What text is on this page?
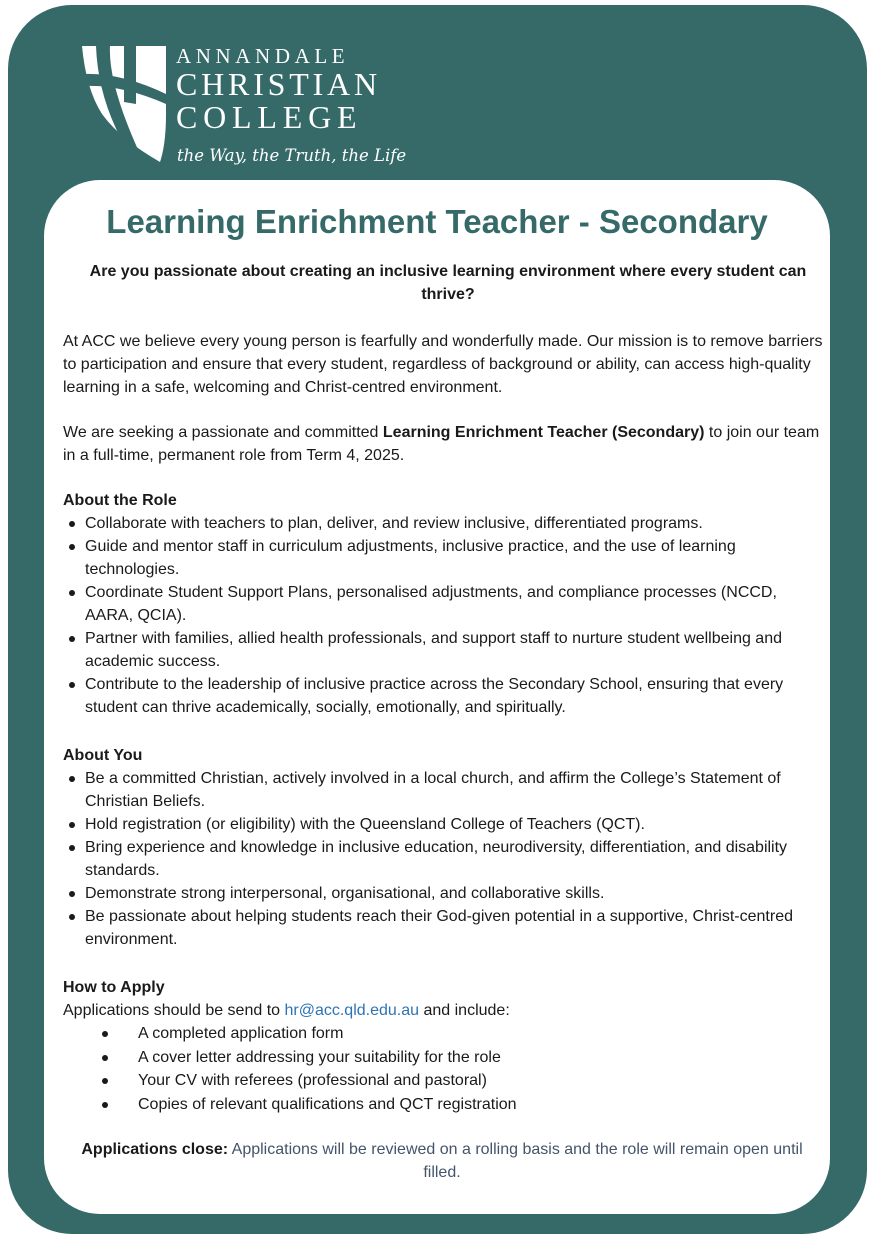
ANNANDALE
CHRISTIAN
COLLEGE
the Way, the Truth, the Life
Learning Enrichment Teacher - Secondary
Are you passionate about creating an inclusive learning environment where every student can thrive?
At ACC we believe every young person is fearfully and wonderfully made. Our mission is to remove barriers to participation and ensure that every student, regardless of background or ability, can access high-quality learning in a safe, welcoming and Christ-centred environment.
We are seeking a passionate and committed Learning Enrichment Teacher (Secondary) to join our team in a full-time, permanent role from Term 4, 2025.
About the Role
Collaborate with teachers to plan, deliver, and review inclusive, differentiated programs.
Guide and mentor staff in curriculum adjustments, inclusive practice, and the use of learning technologies.
Coordinate Student Support Plans, personalised adjustments, and compliance processes (NCCD, AARA, QCIA).
Partner with families, allied health professionals, and support staff to nurture student wellbeing and academic success.
Contribute to the leadership of inclusive practice across the Secondary School, ensuring that every student can thrive academically, socially, emotionally, and spiritually.
About You
Be a committed Christian, actively involved in a local church, and affirm the College’s Statement of Christian Beliefs.
Hold registration (or eligibility) with the Queensland College of Teachers (QCT).
Bring experience and knowledge in inclusive education, neurodiversity, differentiation, and disability standards.
Demonstrate strong interpersonal, organisational, and collaborative skills.
Be passionate about helping students reach their God-given potential in a supportive, Christ-centred environment.
How to Apply
Applications should be send to hr@acc.qld.edu.au and include:
A completed application form
A cover letter addressing your suitability for the role
Your CV with referees (professional and pastoral)
Copies of relevant qualifications and QCT registration
Applications close: Applications will be reviewed on a rolling basis and the role will remain open until filled.
